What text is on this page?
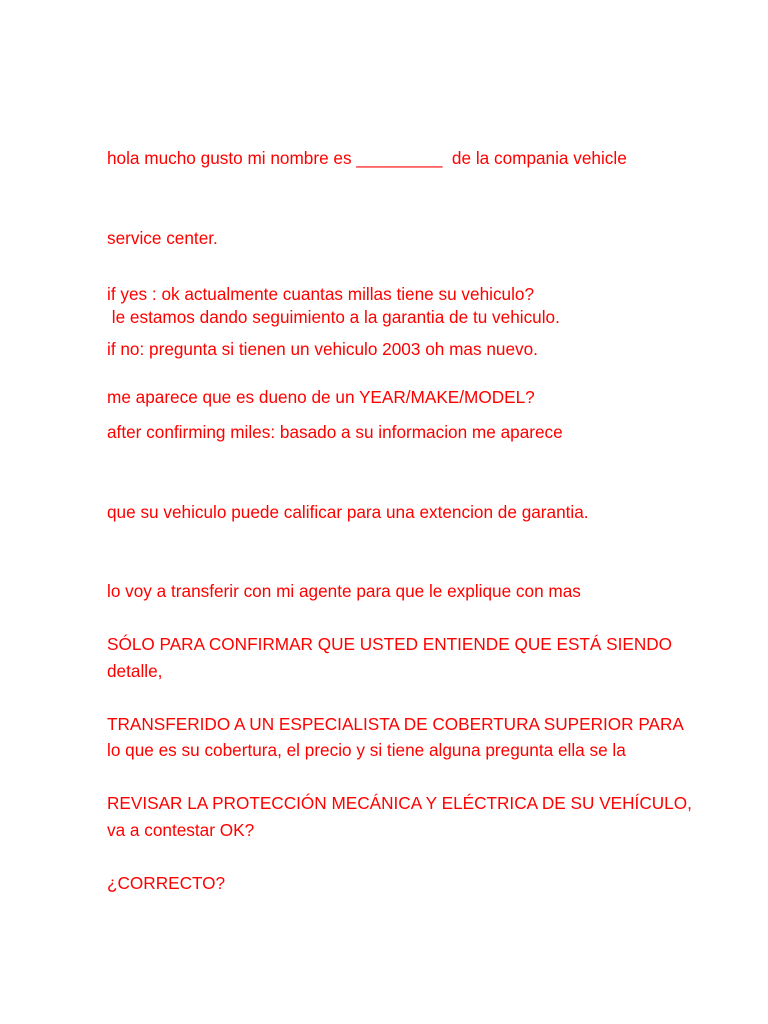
hola mucho gusto mi nombre es _________  de la compania vehicle

service center.

le estamos dando seguimiento a la garantia de tu vehiculo.

me aparece que es dueno de un YEAR/MAKE/MODEL?

if yes : ok actualmente cuantas millas tiene su vehiculo?

if no: pregunta si tienen un vehiculo 2003 oh mas nuevo.

after confirming miles: basado a su informacion me aparece

que su vehiculo puede calificar para una extencion de garantia.

lo voy a transferir con mi agente para que le explique con mas

detalle,

lo que es su cobertura, el precio y si tiene alguna pregunta ella se la

va a contestar OK?

SÓLO PARA CONFIRMAR QUE USTED ENTIENDE QUE ESTÁ SIENDO

TRANSFERIDO A UN ESPECIALISTA DE COBERTURA SUPERIOR PARA

REVISAR LA PROTECCIÓN MECÁNICA Y ELÉCTRICA DE SU VEHÍCULO,

¿CORRECTO?
